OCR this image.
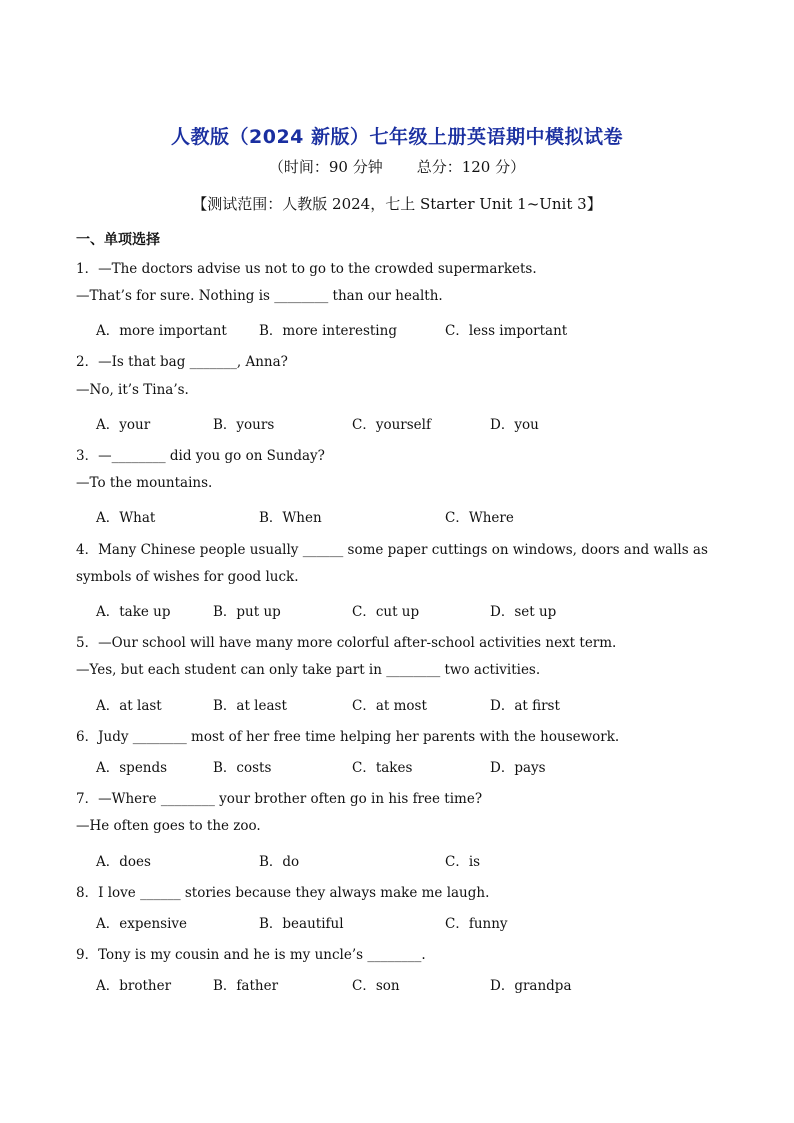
人教版（2024 新版）七年级上册英语期中模拟试卷
（时间：90 分钟 总分：120 分）
【测试范围：人教版 2024，七上 Starter Unit 1~Unit 3】
一、单项选择
1．—The doctors advise us not to go to the crowded supermarkets.
—That’s for sure. Nothing is ________ than our health.
A．more important B．more interesting	C．less important
2．—Is that bag _______, Anna?
—No, it’s Tina’s.
A．your	B．yours	C．yourself	D．you
3．—________ did you go on Sunday?
—To the mountains.
A．What	B．When	C．Where
4．Many Chinese people usually ______ some paper cuttings on windows, doors and walls as
symbols of wishes for good luck.
A．take up	B．put up	C．cut up	D．set up
5．—Our school will have many more colorful after-school activities next term.
—Yes, but each student can only take part in ________ two activities.
A．at last	B．at least	C．at most	D．at first
6．Judy ________ most of her free time helping her parents with the housework.
A．spends	B．costs	C．takes	D．pays
7．—Where ________ your brother often go in his free time?
—He often goes to the zoo.
A．does	B．do	C．is
8．I love ______ stories because they always make me laugh.
A．expensive	B．beautiful	C．funny
9．Tony is my cousin and he is my uncle’s ________.
A．brother	B．father	C．son	D．grandpa
